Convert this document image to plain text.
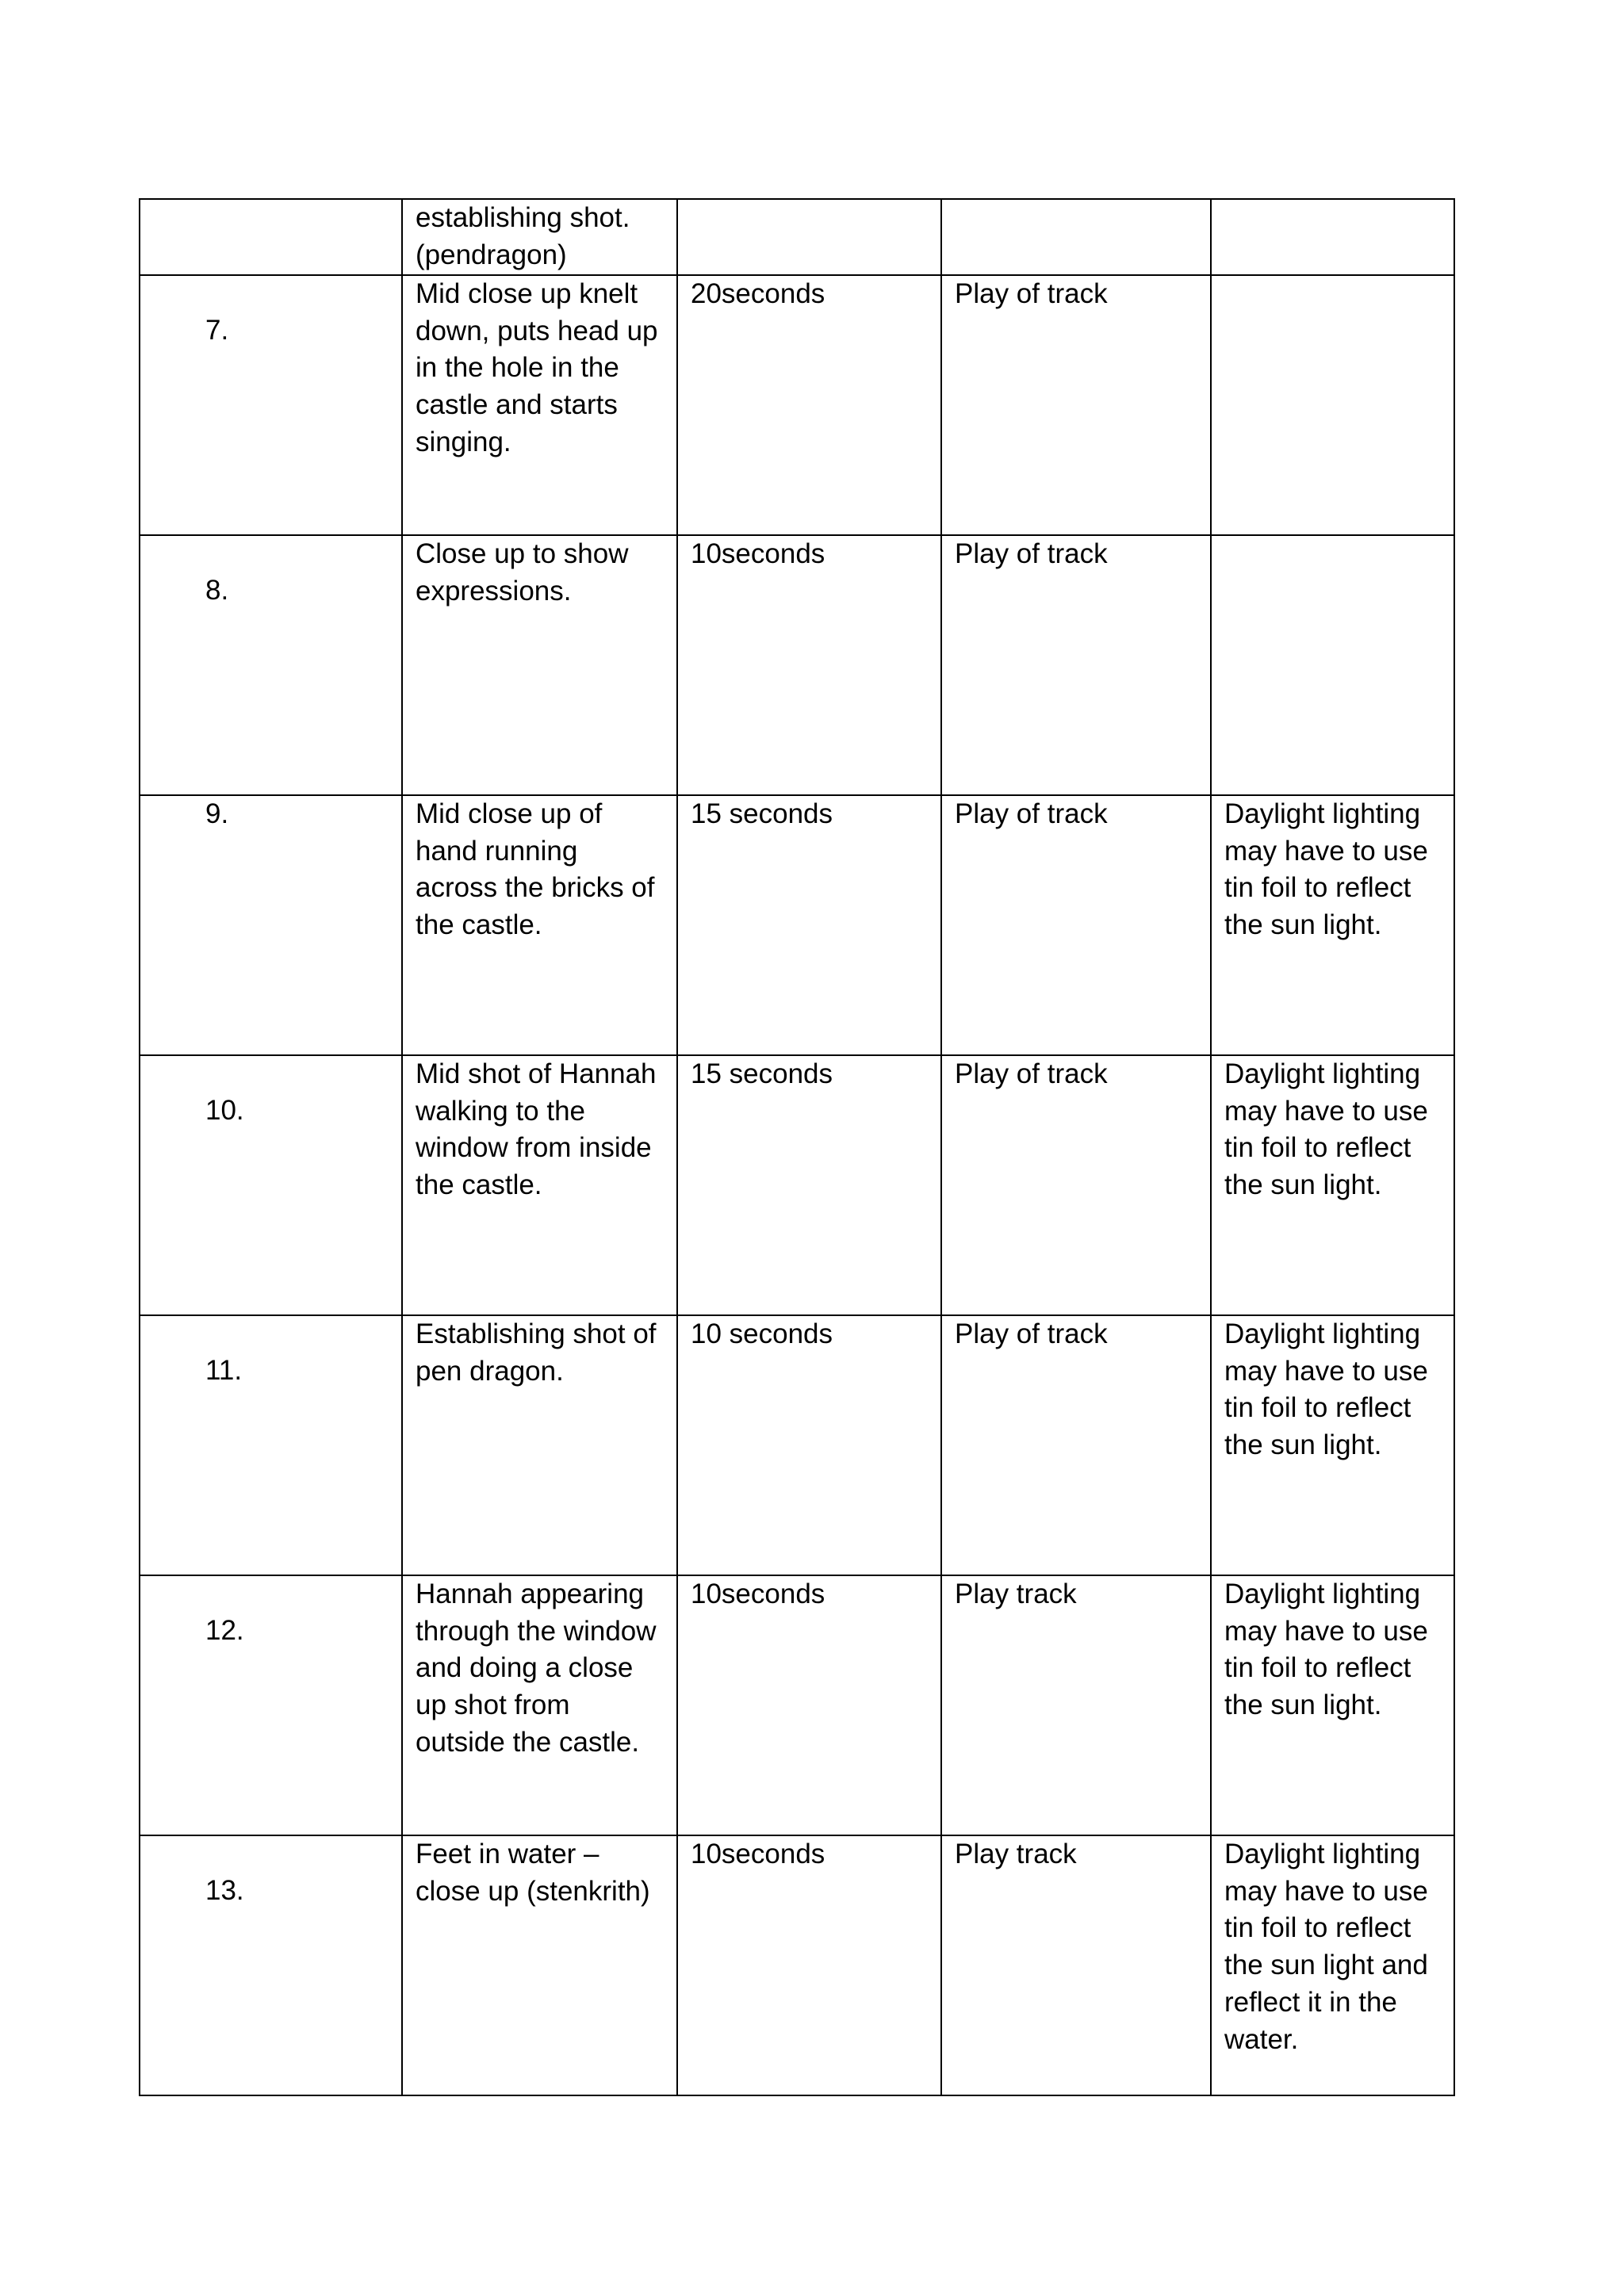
	establishing shot.
(pendragon)			

7.	Mid close up knelt down, puts head up in the hole in the castle and starts singing.	20seconds	Play of track	

8.	Close up to show expressions.	10seconds	Play of track	

9.	Mid close up of hand running across the bricks of the castle.	15 seconds	Play of track	Daylight lighting may have to use tin foil to reflect the sun light.

10.	Mid shot of Hannah walking to the window from inside the castle.	15 seconds	Play of track	Daylight lighting may have to use tin foil to reflect the sun light.

11.	Establishing shot of pen dragon.	10 seconds	Play of track	Daylight lighting may have to use tin foil to reflect the sun light.

12.	Hannah appearing through the window and doing a close up shot from outside the castle.	10seconds	Play track	Daylight lighting may have to use tin foil to reflect the sun light.

13.	Feet in water – close up (stenkrith)	10seconds	Play track	Daylight lighting may have to use tin foil to reflect the sun light and reflect it in the water.
